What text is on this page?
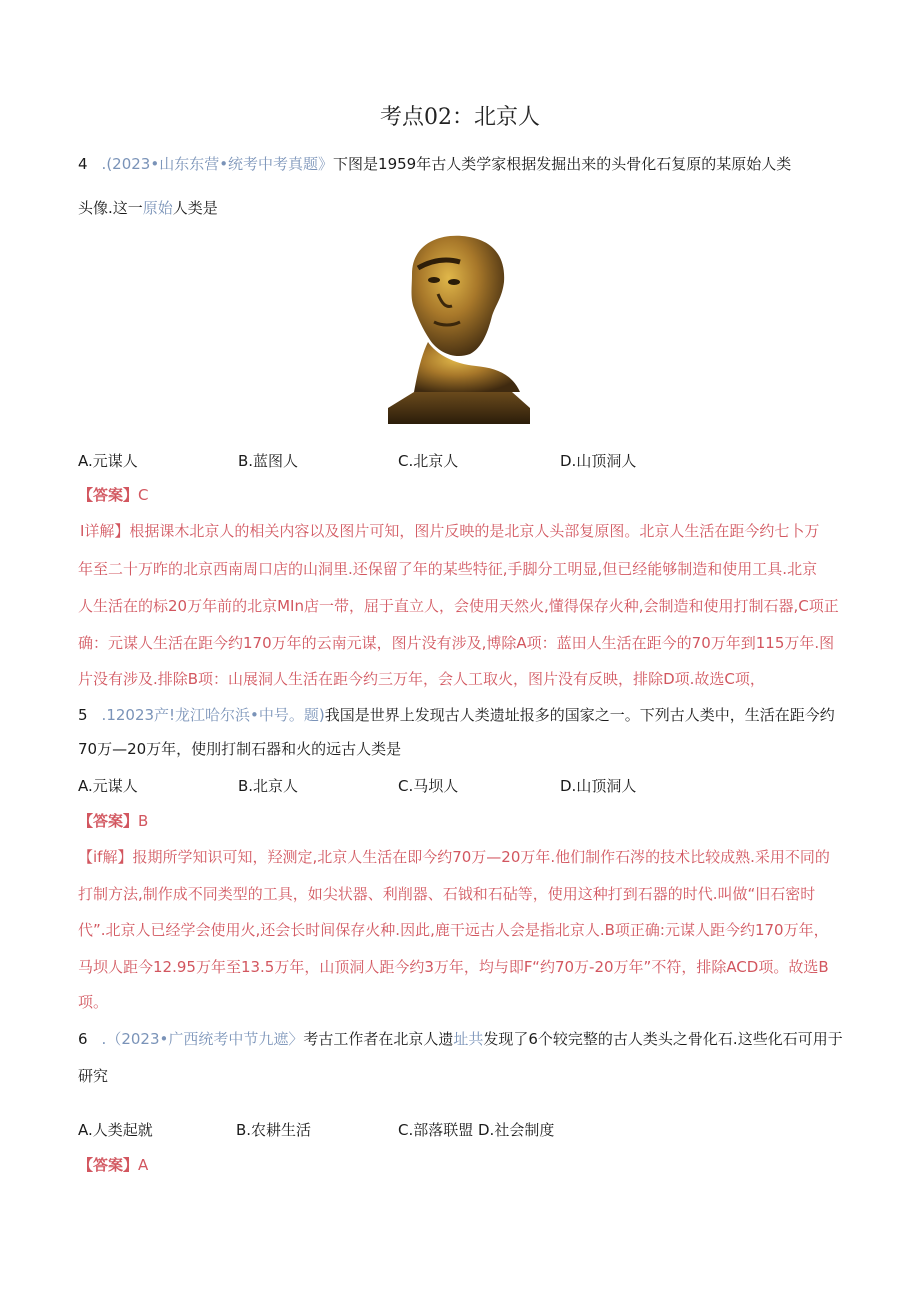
考点02：北京人
4 .(2023•山东东营•统考中考真题》下图是1959年古人类学家根据发掘出来的头骨化石复原的某原始人类
头像.这一原始人类是
A.元谋人	B.蓝图人	C.北京人	D.山顶洞人
【答案】C
I详解】根据课木北京人的相关内容以及图片可知，图片反映的是北京人头部复原图。北京人生活在距今约七卜万
年至二十万昨的北京西南周口店的山洞里.还保留了年的某些特征,手脚分工明显,但已经能够制造和使用工具.北京
人生活在的标20万年前的北京MIn店一带，屈于直立人，会使用天然火,懂得保存火种,会制造和使用打制石器,C项正
确：元谋人生活在距今约170万年的云南元谋，图片没有涉及,博除A项：蓝田人生活在距今的70万年到115万年.图
片没有涉及.排除B项：山展洞人生活在距今约三万年，会人工取火，图片没有反映，排除D项.故选C项，
5 .12023产!龙江哈尔浜•中号。题)我国是世界上发现古人类遗址报多的国家之一。下列古人类中，生活在距今约
70万—20万年，使刖打制石器和火的远古人类是
A.元谋人	B.北京人	C.马坝人	D.山顶洞人
【答案】B
【if解】报期所学知识可知，羟测定,北京人生活在即今约70万—20万年.他们制作石涔的技术比较成熟.采用不同的
打制方法,制作成不同类型的工具，如尖状器、利削器、石钺和石砧等，使用这种打到石器的时代.叫做“旧石密时
代”.北京人已经学会使用火,还会长时间保存火种.因此,鹿干远古人会是指北京人.B项正确:元谋人距今约170万年，
马坝人距今12.95万年至13.5万年，山顶洞人距今约3万年，均与即F“约70万-20万年”不符，排除ACD项。故选B
项。
6 .（2023•广西统考中节九遮〉考古工作者在北京人遗址共发现了6个较完整的古人类头之骨化石.这些化石可用于
研究
A.人类起就	B.农耕生活	C.部落联盟 D.社会制度
【答案】A
